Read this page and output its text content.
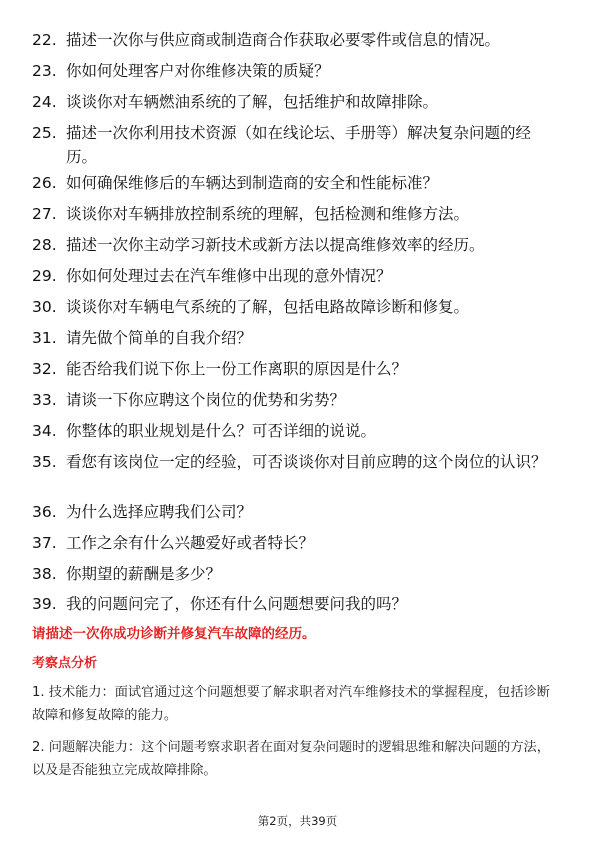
22. 描述一次你与供应商或制造商合作获取必要零件或信息的情况。
23. 你如何处理客户对你维修决策的质疑？
24. 谈谈你对车辆燃油系统的了解，包括维护和故障排除。
25. 描述一次你利用技术资源（如在线论坛、手册等）解决复杂问题的经历。
26. 如何确保维修后的车辆达到制造商的安全和性能标准？
27. 谈谈你对车辆排放控制系统的理解，包括检测和维修方法。
28. 描述一次你主动学习新技术或新方法以提高维修效率的经历。
29. 你如何处理过去在汽车维修中出现的意外情况？
30. 谈谈你对车辆电气系统的了解，包括电路故障诊断和修复。
31. 请先做个简单的自我介绍？
32. 能否给我们说下你上一份工作离职的原因是什么？
33. 请谈一下你应聘这个岗位的优势和劣势？
34. 你整体的职业规划是什么？可否详细的说说。
35. 看您有该岗位一定的经验，可否谈谈你对目前应聘的这个岗位的认识？
36. 为什么选择应聘我们公司？
37. 工作之余有什么兴趣爱好或者特长？
38. 你期望的薪酬是多少？
39. 我的问题问完了，你还有什么问题想要问我的吗？
请描述一次你成功诊断并修复汽车故障的经历。
考察点分析
1. 技术能力：面试官通过这个问题想要了解求职者对汽车维修技术的掌握程度，包括诊断故障和修复故障的能力。
2. 问题解决能力：这个问题考察求职者在面对复杂问题时的逻辑思维和解决问题的方法，以及是否能独立完成故障排除。
第2页，共39页
